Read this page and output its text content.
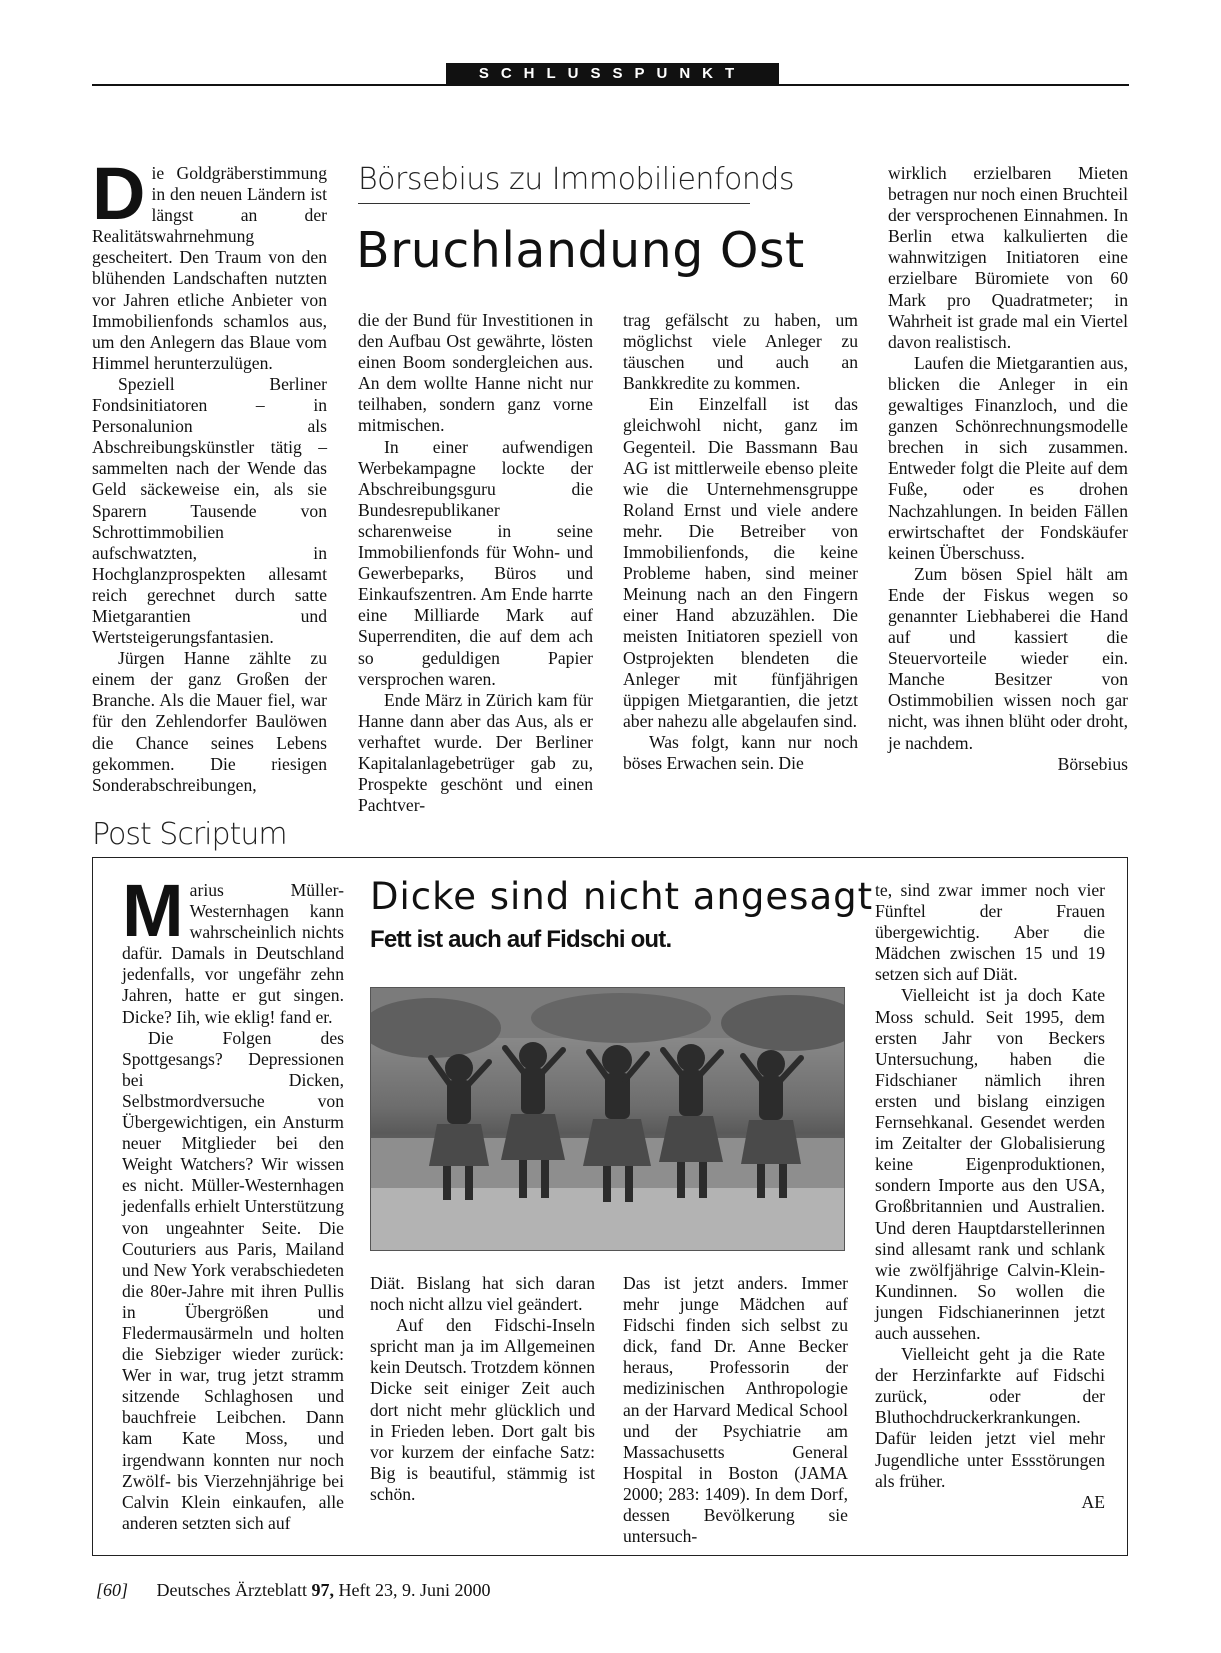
SCHLUSSPUNKT

Die Goldgräberstimmung in den neuen Ländern ist längst an der Realitätswahrnehmung gescheitert. Den Traum von den blühenden Landschaften nutzten vor Jahren etliche Anbieter von Immobilienfonds schamlos aus, um den Anlegern das Blaue vom Himmel herunterzulügen.

Speziell Berliner Fondsinitiatoren – in Personalunion als Abschreibungskünstler tätig – sammelten nach der Wende das Geld säckeweise ein, als sie Sparern Tausende von Schrottimmobilien aufschwatzten, in Hochglanzprospekten allesamt reich gerechnet durch satte Mietgarantien und Wertsteigerungsfantasien.

Jürgen Hanne zählte zu einem der ganz Großen der Branche. Als die Mauer fiel, war für den Zehlendorfer Baulöwen die Chance seines Lebens gekommen. Die riesigen Sonderabschreibungen,

Börsebius zu Immobilienfonds
Bruchlandung Ost

die der Bund für Investitionen in den Aufbau Ost gewährte, lösten einen Boom sondergleichen aus. An dem wollte Hanne nicht nur teilhaben, sondern ganz vorne mitmischen.

In einer aufwendigen Werbekampagne lockte der Abschreibungsguru die Bundesrepublikaner scharenweise in seine Immobilienfonds für Wohn- und Gewerbeparks, Büros und Einkaufszentren. Am Ende harrte eine Milliarde Mark auf Superrenditen, die auf dem ach so geduldigen Papier versprochen waren.

Ende März in Zürich kam für Hanne dann aber das Aus, als er verhaftet wurde. Der Berliner Kapitalanlagebetrüger gab zu, Prospekte geschönt und einen Pachtver-

trag gefälscht zu haben, um möglichst viele Anleger zu täuschen und auch an Bankkredite zu kommen.

Ein Einzelfall ist das gleichwohl nicht, ganz im Gegenteil. Die Bassmann Bau AG ist mittlerweile ebenso pleite wie die Unternehmensgruppe Roland Ernst und viele andere mehr. Die Betreiber von Immobilienfonds, die keine Probleme haben, sind meiner Meinung nach an den Fingern einer Hand abzuzählen. Die meisten Initiatoren speziell von Ostprojekten blendeten die Anleger mit fünfjährigen üppigen Mietgarantien, die jetzt aber nahezu alle abgelaufen sind.

Was folgt, kann nur noch böses Erwachen sein. Die

wirklich erzielbaren Mieten betragen nur noch einen Bruchteil der versprochenen Einnahmen. In Berlin etwa kalkulierten die wahnwitzigen Initiatoren eine erzielbare Büromiete von 60 Mark pro Quadratmeter; in Wahrheit ist grade mal ein Viertel davon realistisch.

Laufen die Mietgarantien aus, blicken die Anleger in ein gewaltiges Finanzloch, und die ganzen Schönrechnungsmodelle brechen in sich zusammen. Entweder folgt die Pleite auf dem Fuße, oder es drohen Nachzahlungen. In beiden Fällen erwirtschaftet der Fondskäufer keinen Überschuss.

Zum bösen Spiel hält am Ende der Fiskus wegen so genannter Liebhaberei die Hand auf und kassiert die Steuervorteile wieder ein. Manche Besitzer von Ostimmobilien wissen noch gar nicht, was ihnen blüht oder droht, je nachdem.

Börsebius

Post Scriptum

Marius Müller-Westernhagen kann wahrscheinlich nichts dafür. Damals in Deutschland jedenfalls, vor ungefähr zehn Jahren, hatte er gut singen. Dicke? Iih, wie eklig! fand er.

Die Folgen des Spottgesangs? Depressionen bei Dicken, Selbstmordversuche von Übergewichtigen, ein Ansturm neuer Mitglieder bei den Weight Watchers? Wir wissen es nicht. Müller-Westernhagen jedenfalls erhielt Unterstützung von ungeahnter Seite. Die Couturiers aus Paris, Mailand und New York verabschiedeten die 80er-Jahre mit ihren Pullis in Übergrößen und Fledermausärmeln und holten die Siebziger wieder zurück: Wer in war, trug jetzt stramm sitzende Schlaghosen und bauchfreie Leibchen. Dann kam Kate Moss, und irgendwann konnten nur noch Zwölf- bis Vierzehnjährige bei Calvin Klein einkaufen, alle anderen setzten sich auf

Dicke sind nicht angesagt
Fett ist auch auf Fidschi out.

Diät. Bislang hat sich daran noch nicht allzu viel geändert.

Auf den Fidschi-Inseln spricht man ja im Allgemeinen kein Deutsch. Trotzdem können Dicke seit einiger Zeit auch dort nicht mehr glücklich und in Frieden leben. Dort galt bis vor kurzem der einfache Satz: Big is beautiful, stämmig ist schön.

Das ist jetzt anders. Immer mehr junge Mädchen auf Fidschi finden sich selbst zu dick, fand Dr. Anne Becker heraus, Professorin der medizinischen Anthropologie an der Harvard Medical School und der Psychiatrie am Massachusetts General Hospital in Boston (JAMA 2000; 283: 1409). In dem Dorf, dessen Bevölkerung sie untersuch-

te, sind zwar immer noch vier Fünftel der Frauen übergewichtig. Aber die Mädchen zwischen 15 und 19 setzen sich auf Diät.

Vielleicht ist ja doch Kate Moss schuld. Seit 1995, dem ersten Jahr von Beckers Untersuchung, haben die Fidschianer nämlich ihren ersten und bislang einzigen Fernsehkanal. Gesendet werden im Zeitalter der Globalisierung keine Eigenproduktionen, sondern Importe aus den USA, Großbritannien und Australien. Und deren Hauptdarstellerinnen sind allesamt rank und schlank wie zwölfjährige Calvin-Klein-Kundinnen. So wollen die jungen Fidschianerinnen jetzt auch aussehen.

Vielleicht geht ja die Rate der Herzinfarkte auf Fidschi zurück, oder der Bluthochdruckerkrankungen. Dafür leiden jetzt viel mehr Jugendliche unter Essstörungen als früher.

AE

[60] Deutsches Ärzteblatt 97, Heft 23, 9. Juni 2000
